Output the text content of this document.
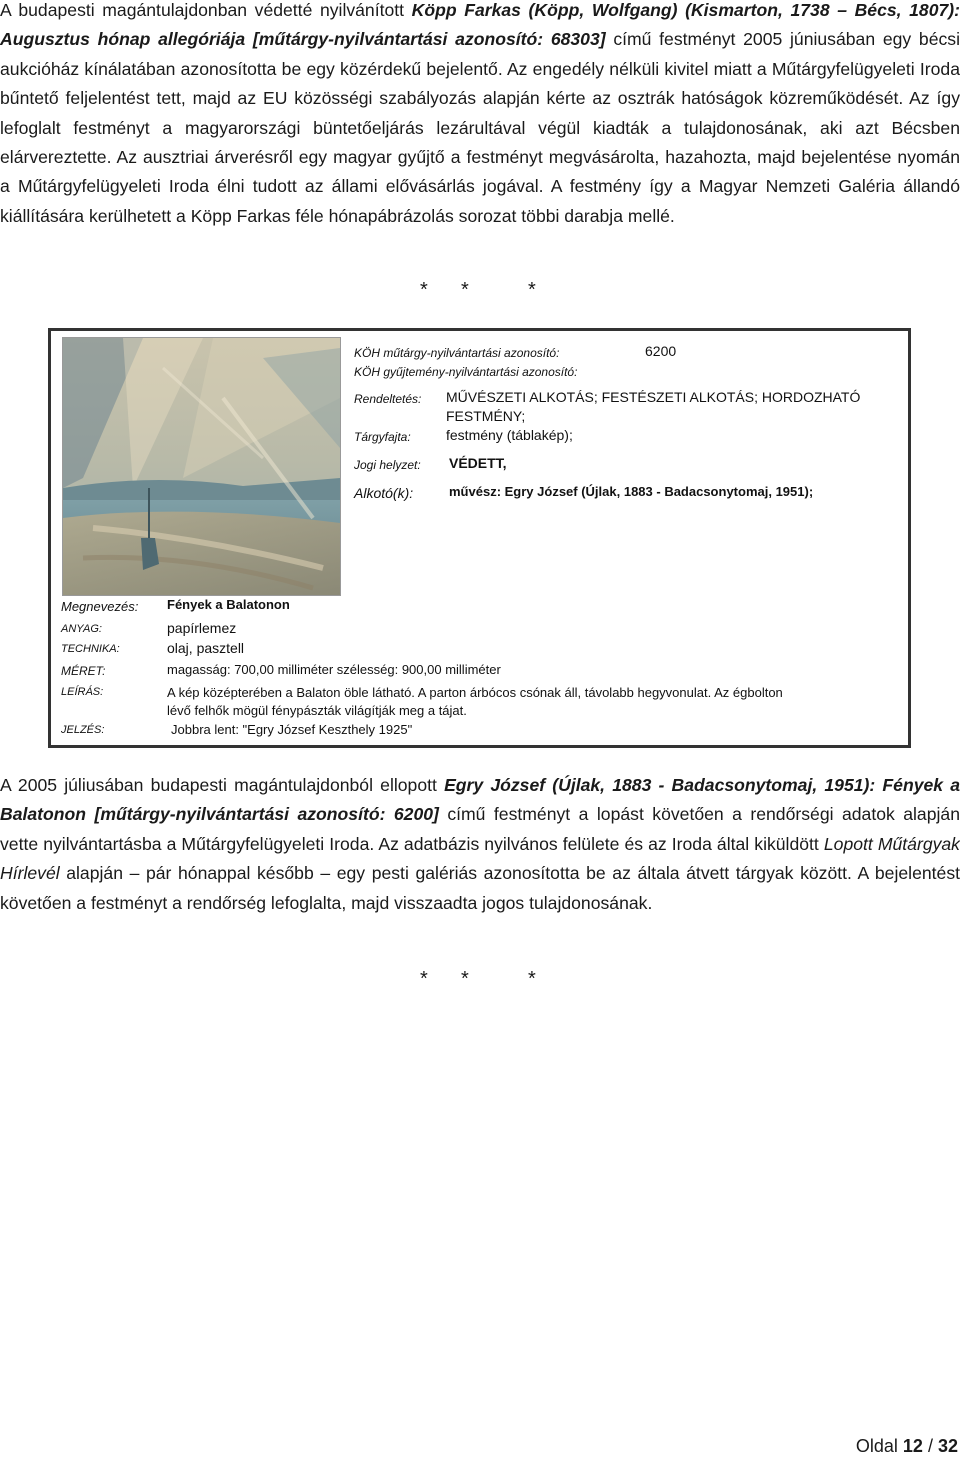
A budapesti magántulajdonban védetté nyilvánított Köpp Farkas (Köpp, Wolfgang) (Kismarton, 1738 – Bécs, 1807): Augusztus hónap allegóriája [műtárgy-nyilvántartási azonosító: 68303] című festményt 2005 júniusában egy bécsi aukcióház kínálatában azonosította be egy közérdekű bejelentő. Az engedély nélküli kivitel miatt a Műtárgyfelügyeleti Iroda bűntető feljelentést tett, majd az EU közösségi szabályozás alapján kérte az osztrák hatóságok közreműködését. Az így lefoglalt festményt a magyarországi büntetőeljárás lezárultával végül kiadták a tulajdonosának, aki azt Bécsben elárvereztette. Az ausztriai árverésről egy magyar gyűjtő a festményt megvásárolta, hazahozta, majd bejelentése nyomán a Műtárgyfelügyeleti Iroda élni tudott az állami elővásárlás jogával. A festmény így a Magyar Nemzeti Galéria állandó kiállítására kerülhetett a Köpp Farkas féle hónapábrázolás sorozat többi darabja mellé.

* *	*
KÖH műtárgy-nyilvántartási azonosító:	6200
KÖH gyűjtemény-nyilvántartási azonosító:
Rendeltetés: MŰVÉSZETI ALKOTÁS; FESTÉSZETI ALKOTÁS; HORDOZHATÓ
FESTMÉNY;
Tárgyfajta:	festmény (táblakép);
Jogi helyzet: VÉDETT,
Alkotó(k):	művész: Egry József (Újlak, 1883 - Badacsonytomaj, 1951);
Megnevezés: Fények a Balatonon
ANYAG:	papírlemez
TECHNIKA:	olaj, pasztell
MÉRET:	magasság: 700,00 milliméter szélesség: 900,00 milliméter
LEÍRÁS:	A kép középterében a Balaton öble látható. A parton árbócos csónak áll, távolabb hegyvonulat. Az égbolton
lévő felhők mögül fénypászták világítják meg a tájat.
JELZÉS:	Jobbra lent: "Egry József Keszthely 1925"

A 2005 júliusában budapesti magántulajdonból ellopott Egry József (Újlak, 1883 - Badacsonytomaj, 1951): Fények a Balatonon [műtárgy-nyilvántartási azonosító: 6200] című festményt a lopást követően a rendőrségi adatok alapján vette nyilvántartásba a Műtárgyfelügyeleti Iroda. Az adatbázis nyilvános felülete és az Iroda által kiküldött Lopott Műtárgyak Hírlevél alapján – pár hónappal később – egy pesti galériás azonosította be az általa átvett tárgyak között. A bejelentést követően a festményt a rendőrség lefoglalta, majd visszaadta jogos tulajdonosának.

* *	*
Oldal 12 / 32
